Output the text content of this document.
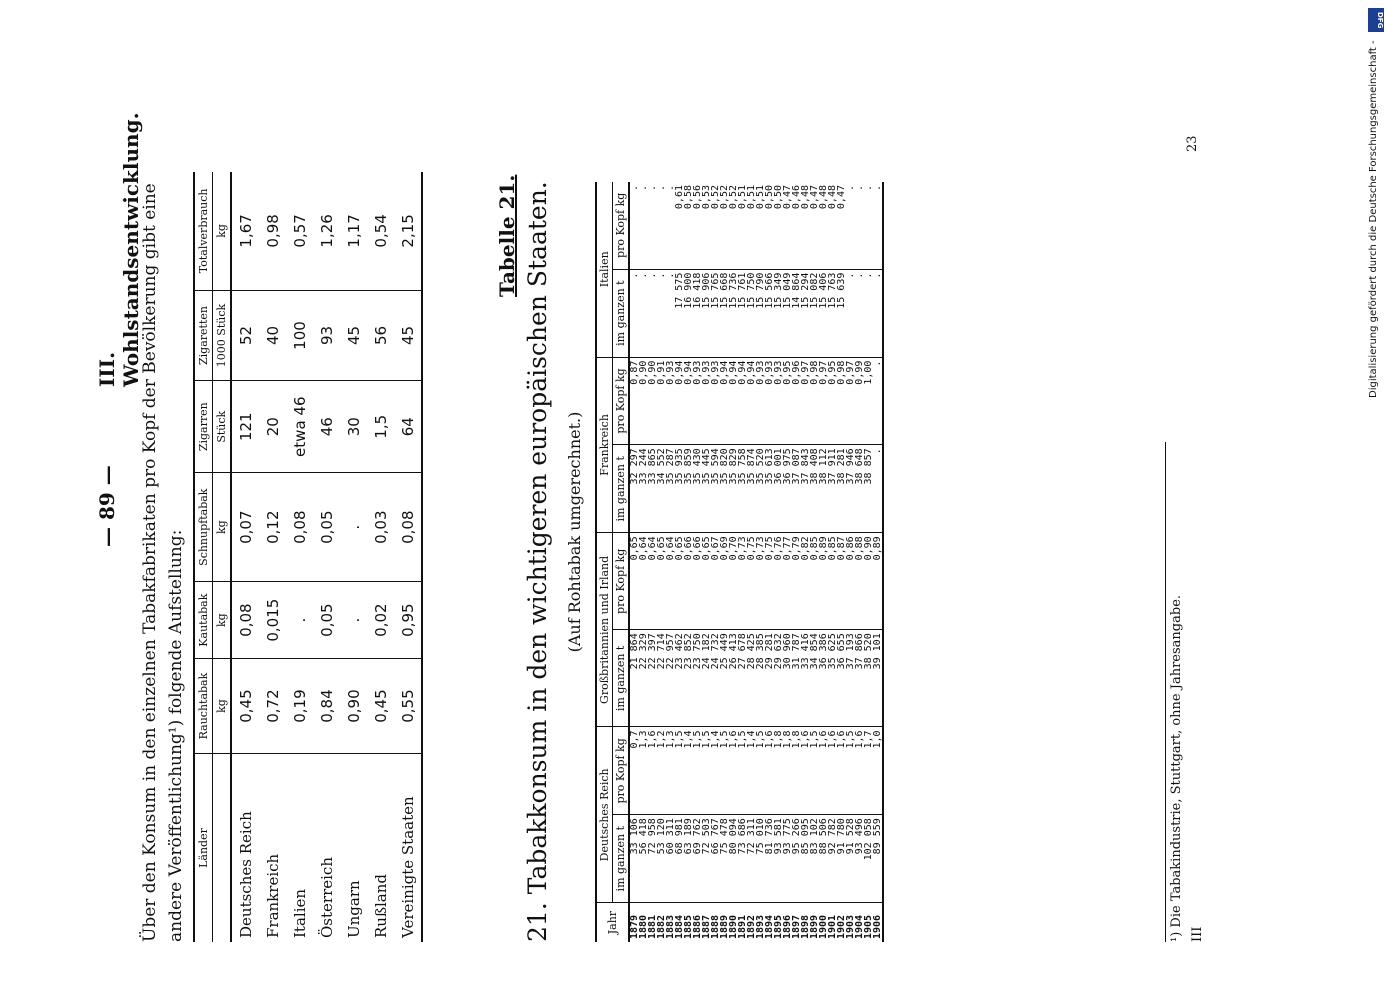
— 89 —
III. Wohlstandsentwicklung.
Über den Konsum in den einzelnen Tabakfabrikaten pro Kopf der Bevölkerung gibt eine andere Veröffentlichung¹) folgende Aufstellung: Länder	Rauchtabak	Kautabak	Schnupftabak	Zigarren	Zigaretten	Totalverbrauch
	kg	kg	kg	Stück	1000 Stück	kg
Deutsches Reich	0,45	0,08	0,07	121	52	1,67
Frankreich	0,72	0,015	0,12	20	40	0,98
Italien	0,19	.	0,08	etwa 46	100	0,57
Österreich	0,84	0,05	0,05	46	93	1,26
Ungarn	0,90	.	.	30	45	1,17
Rußland	0,45	0,02	0,03	1,5	56	0,54
Vereinigte Staaten	0,55	0,95	0,08	64	45	2,15	Tabelle 21. 21. Tabakkonsum in den wichtigeren europäischen Staaten. (Auf Rohtabak umgerechnet.)
Jahr	Deutsches Reich		Großbritannien und Irland		Frankreich		Italien	
	im ganzen t	pro Kopf kg	im ganzen t	pro Kopf kg	im ganzen t	pro Kopf kg	im ganzen t	pro Kopf kg
1879	33 106	0,7	21 864	0,65	32 297	0,87	.	.
1880	56 418	1,3	22 329	0,64	33 244	0,90	.	.
1881	72 958	1,6	22 397	0,64	33 865	0,90	.	.
1882	53 120	1,2	22 714	0,65	34 552	0,91	.	.
1883	60 311	1,3	22 957	0,64	35 287	0,93	.	.
1884	68 981	1,5	23 462	0,65	35 935	0,94	17 575	0,61
1885	63 189	1,4	23 852	0,66	35 859	0,94	16 900	0,58
1886	69 762	1,5	23 750	0,66	35 430	0,93	16 418	0,56
1887	72 503	1,5	24 182	0,65	35 445	0,93	15 906	0,53
1888	66 767	1,4	24 732	0,67	35 594	0,93	15 765	0,52
1889	75 478	1,5	25 449	0,69	35 820	0,94	15 668	0,52
1890	80 094	1,6	26 413	0,70	35 829	0,94	15 736	0,52
1891	73 686	1,5	27 678	0,73	35 758	0,94	15 761	0,51
1892	72 311	1,4	28 425	0,75	35 874	0,94	15 750	0,51
1893	75 010	1,5	28 385	0,73	35 520	0,93	15 790	0,51
1894	81 736	1,6	29 281	0,75	35 613	0,93	15 566	0,50
1895	93 581	1,8	29 632	0,76	36 001	0,93	15 349	0,50
1896	93 775	1,8	30 960	0,77	36 975	0,95	15 049	0,47
1897	95 266	1,8	31 787	0,79	37 087	0,96	14 864	0,46
1898	85 095	1,6	33 416	0,82	37 843	0,97	15 294	0,48
1899	83 102	1,5	34 854	0,85	38 408	0,98	15 082	0,47
1900	88 506	1,6	36 386	0,89	38 112	0,97	15 406	0,48
1901	92 782	1,6	35 625	0,85	37 911	0,95	15 763	0,48
1902	91 780	1,6	36 655	0,87	38 281	0,98	15 639	0,47
1903	91 528	1,5	37 193	0,86	37 946	0,97	.	.
1904	93 496	1,6	37 866	0,88	38 648	0,99	.	.
1905	102 058	1,7	38 520	0,90	38 857	1,00	.	.
1906	89 559	1,0	39 101	0,89	.	.	.	.
¹) Die Tabakindustrie, Stuttgart, ohne Jahresangabe. III
23
DFG
Digitalisierung gefördert durch die Deutsche Forschungsgemeinschaft -
